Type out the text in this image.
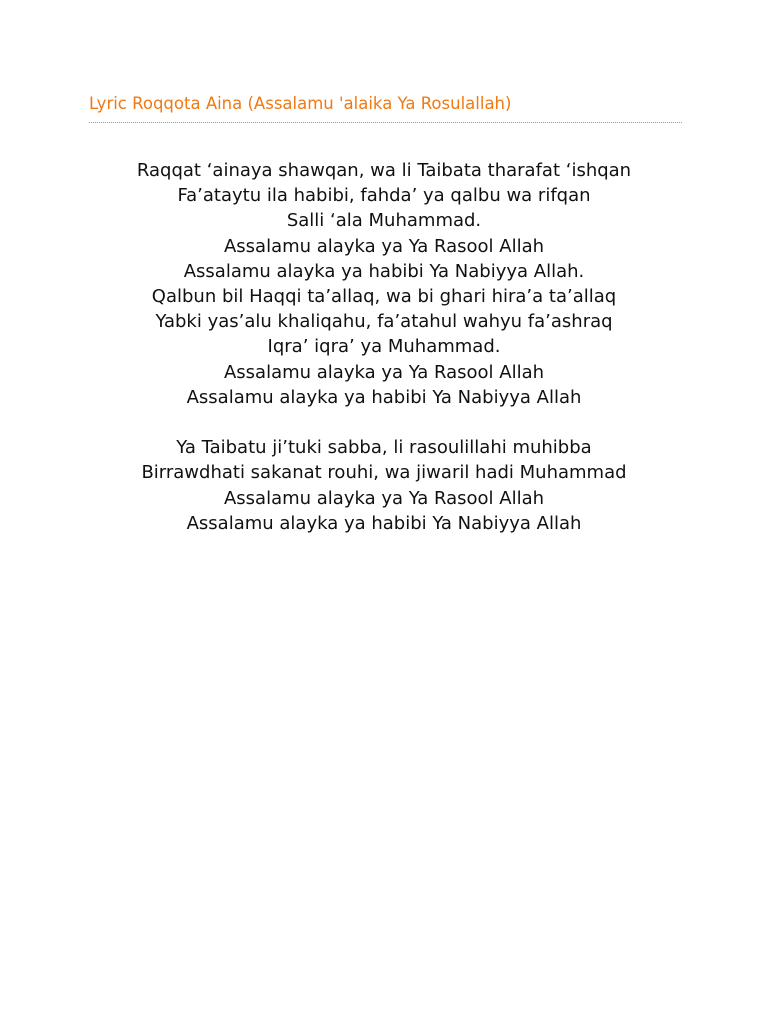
Lyric Roqqota Aina (Assalamu 'alaika Ya Rosulallah)

Raqqat ‘ainaya shawqan, wa li Taibata tharafat ‘ishqan
Fa’ataytu ila habibi, fahda’ ya qalbu wa rifqan
Salli ‘ala Muhammad.
Assalamu alayka ya Ya Rasool Allah
Assalamu alayka ya habibi Ya Nabiyya Allah.
Qalbun bil Haqqi ta’allaq, wa bi ghari hira’a ta’allaq
Yabki yas’alu khaliqahu, fa’atahul wahyu fa’ashraq
Iqra’ iqra’ ya Muhammad.
Assalamu alayka ya Ya Rasool Allah
Assalamu alayka ya habibi Ya Nabiyya Allah

Ya Taibatu ji’tuki sabba, li rasoulillahi muhibba
Birrawdhati sakanat rouhi, wa jiwaril hadi Muhammad
Assalamu alayka ya Ya Rasool Allah
Assalamu alayka ya habibi Ya Nabiyya Allah
